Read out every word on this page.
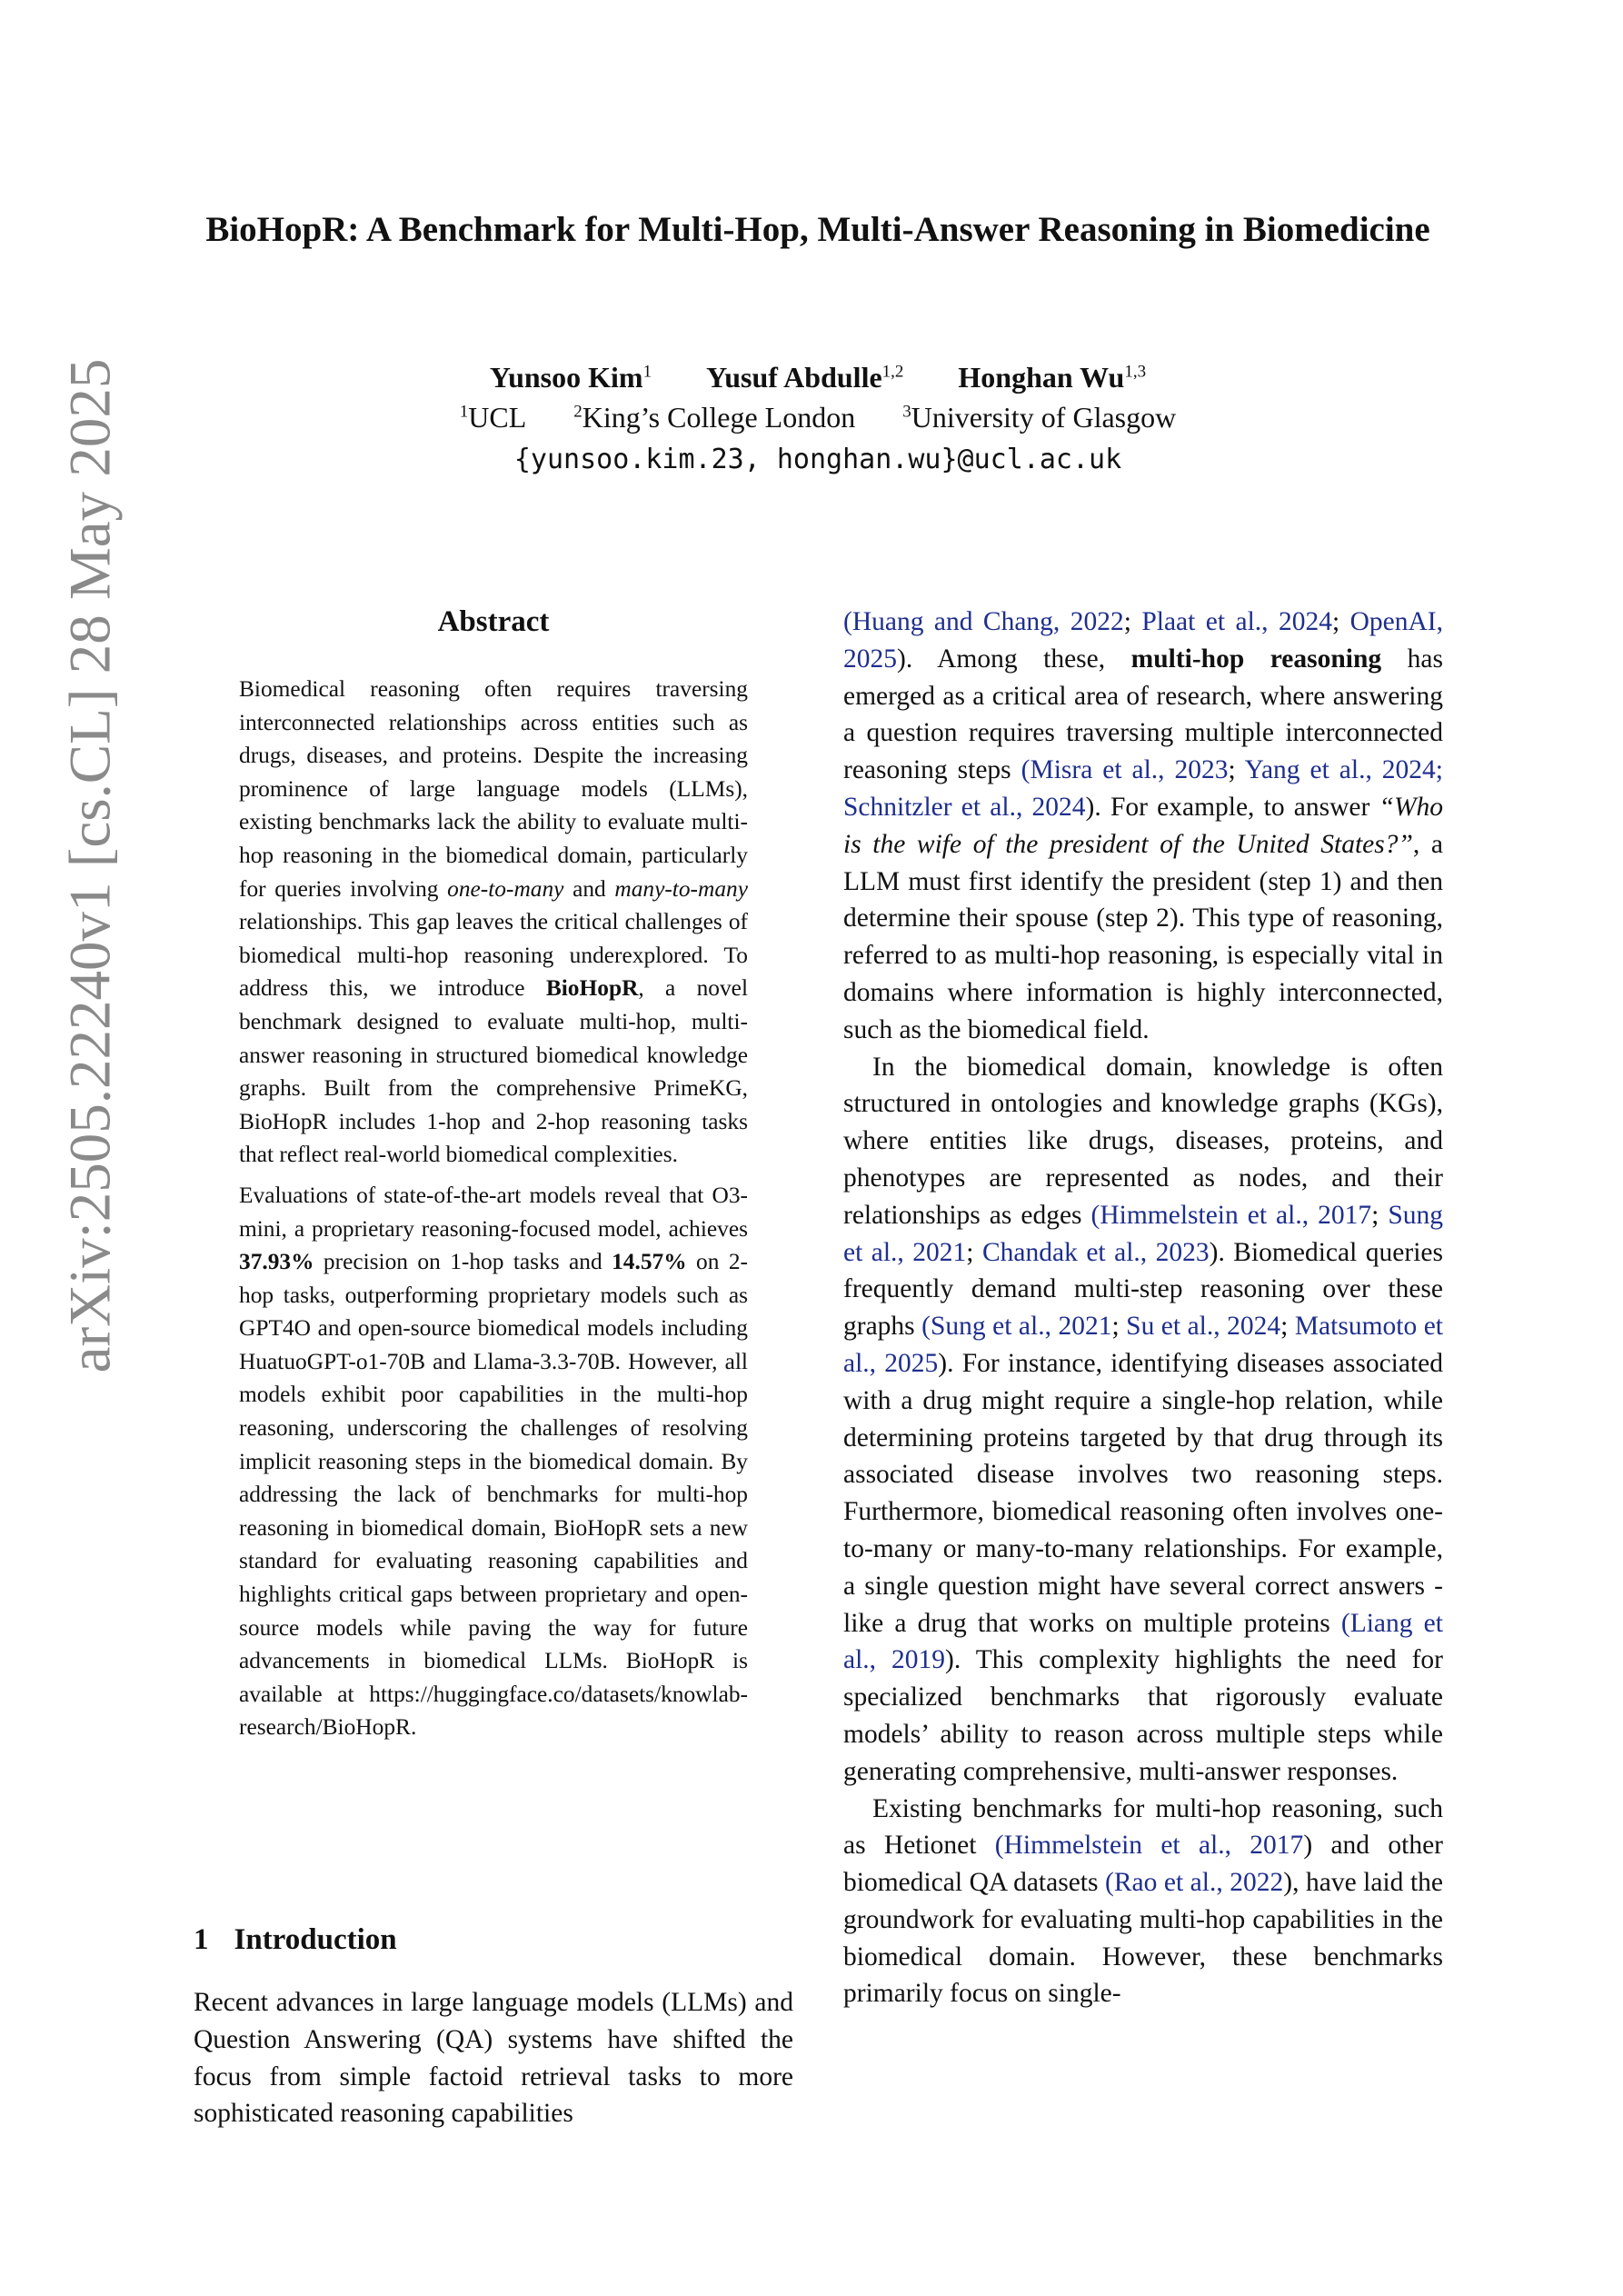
arXiv:2505.22240v1 [cs.CL] 28 May 2025
BioHopR: A Benchmark for Multi-Hop, Multi-Answer Reasoning in Biomedicine
Yunsoo Kim$^1$ Yusuf Abdulle$^{1,2}$ Honghan Wu$^{1,3}$
$^1$UCL	$^2$King’s College London	$^3$University of Glasgow
{yunsoo.kim.23, honghan.wu}@ucl.ac.uk
Abstract

Biomedical reasoning often requires traversing interconnected relationships across entities such as drugs, diseases, and proteins. Despite the increasing prominence of large language models (LLMs), existing benchmarks lack the ability to evaluate multi-hop reasoning in the biomedical domain, particularly for queries involving one-to-many and many-to-many relationships. This gap leaves the critical challenges of biomedical multi-hop reasoning underexplored. To address this, we introduce BioHopR, a novel benchmark designed to evaluate multi-hop, multi-answer reasoning in structured biomedical knowledge graphs. Built from the comprehensive PrimeKG, BioHopR includes 1-hop and 2-hop reasoning tasks that reflect real-world biomedical complexities.

Evaluations of state-of-the-art models reveal that O3-mini, a proprietary reasoning-focused model, achieves 37.93% precision on 1-hop tasks and 14.57% on 2-hop tasks, outperforming proprietary models such as GPT4O and open-source biomedical models including HuatuoGPT-o1-70B and Llama-3.3-70B. However, all models exhibit poor capabilities in the multi-hop reasoning, underscoring the challenges of resolving implicit reasoning steps in the biomedical domain. By addressing the lack of benchmarks for multi-hop reasoning in biomedical domain, BioHopR sets a new standard for evaluating reasoning capabilities and highlights critical gaps between proprietary and open-source models while paving the way for future advancements in biomedical LLMs. BioHopR is available at https://huggingface.co/datasets/knowlab-research/BioHopR.

1 Introduction

Recent advances in large language models (LLMs) and Question Answering (QA) systems have shifted the focus from simple factoid retrieval tasks to more sophisticated reasoning capabilities

(Huang and Chang, 2022; Plaat et al., 2024; OpenAI, 2025). Among these, multi-hop reasoning has emerged as a critical area of research, where answering a question requires traversing multiple interconnected reasoning steps (Misra et al., 2023; Yang et al., 2024; Schnitzler et al., 2024). For example, to answer “Who is the wife of the president of the United States?”, a LLM must first identify the president (step 1) and then determine their spouse (step 2). This type of reasoning, referred to as multi-hop reasoning, is especially vital in domains where information is highly interconnected, such as the biomedical field.

In the biomedical domain, knowledge is often structured in ontologies and knowledge graphs (KGs), where entities like drugs, diseases, proteins, and phenotypes are represented as nodes, and their relationships as edges (Himmelstein et al., 2017; Sung et al., 2021; Chandak et al., 2023). Biomedical queries frequently demand multi-step reasoning over these graphs (Sung et al., 2021; Su et al., 2024; Matsumoto et al., 2025). For instance, identifying diseases associated with a drug might require a single-hop relation, while determining proteins targeted by that drug through its associated disease involves two reasoning steps. Furthermore, biomedical reasoning often involves one-to-many or many-to-many relationships. For example, a single question might have several correct answers - like a drug that works on multiple proteins (Liang et al., 2019). This complexity highlights the need for specialized benchmarks that rigorously evaluate models’ ability to reason across multiple steps while generating comprehensive, multi-answer responses.

Existing benchmarks for multi-hop reasoning, such as Hetionet (Himmelstein et al., 2017) and other biomedical QA datasets (Rao et al., 2022), have laid the groundwork for evaluating multi-hop capabilities in the biomedical domain. However, these benchmarks primarily focus on single-
